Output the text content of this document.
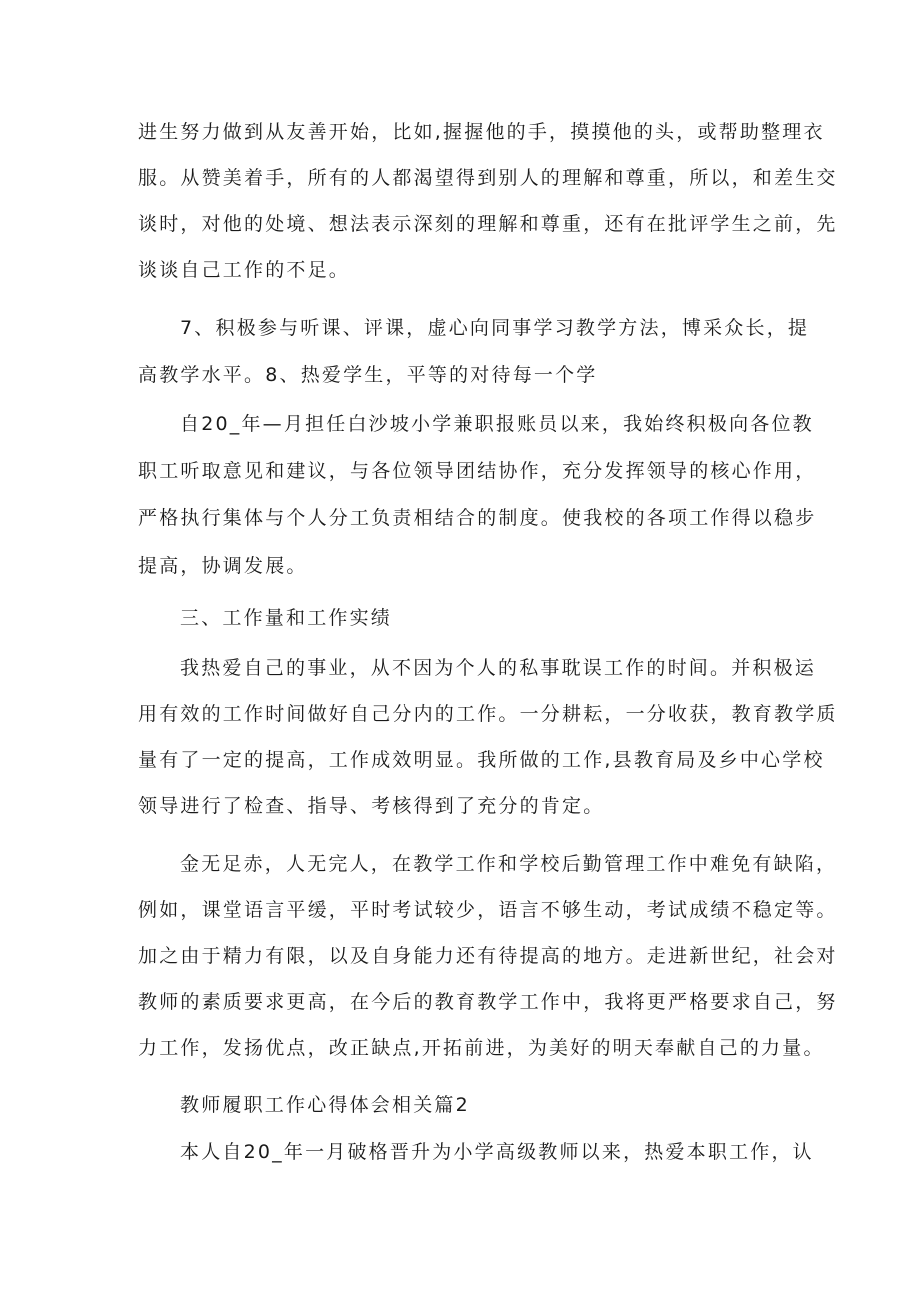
进生努力做到从友善开始，比如,握握他的手，摸摸他的头，或帮助整理衣
服。从赞美着手，所有的人都渴望得到别人的理解和尊重，所以，和差生交
谈时，对他的处境、想法表示深刻的理解和尊重，还有在批评学生之前，先
谈谈自己工作的不足。
7、积极参与听课、评课，虚心向同事学习教学方法，博采众长，提
高教学水平。8、热爱学生，平等的对待每一个学
自20_年—月担任白沙坡小学兼职报账员以来，我始终积极向各位教
职工听取意见和建议，与各位领导团结协作，充分发挥领导的核心作用，
严格执行集体与个人分工负责相结合的制度。使我校的各项工作得以稳步
提高，协调发展。
三、工作量和工作实绩
我热爱自己的事业，从不因为个人的私事耽误工作的时间。并积极运
用有效的工作时间做好自己分内的工作。一分耕耘，一分收获，教育教学质
量有了一定的提高，工作成效明显。我所做的工作,县教育局及乡中心学校
领导进行了检查、指导、考核得到了充分的肯定。
金无足赤，人无完人，在教学工作和学校后勤管理工作中难免有缺陷，
例如，课堂语言平缓，平时考试较少，语言不够生动，考试成绩不稳定等。
加之由于精力有限，以及自身能力还有待提高的地方。走进新世纪，社会对
教师的素质要求更高，在今后的教育教学工作中，我将更严格要求自己，努
力工作，发扬优点，改正缺点,开拓前进，为美好的明天奉献自己的力量。
教师履职工作心得体会相关篇2
本人自20_年一月破格晋升为小学高级教师以来，热爱本职工作，认
